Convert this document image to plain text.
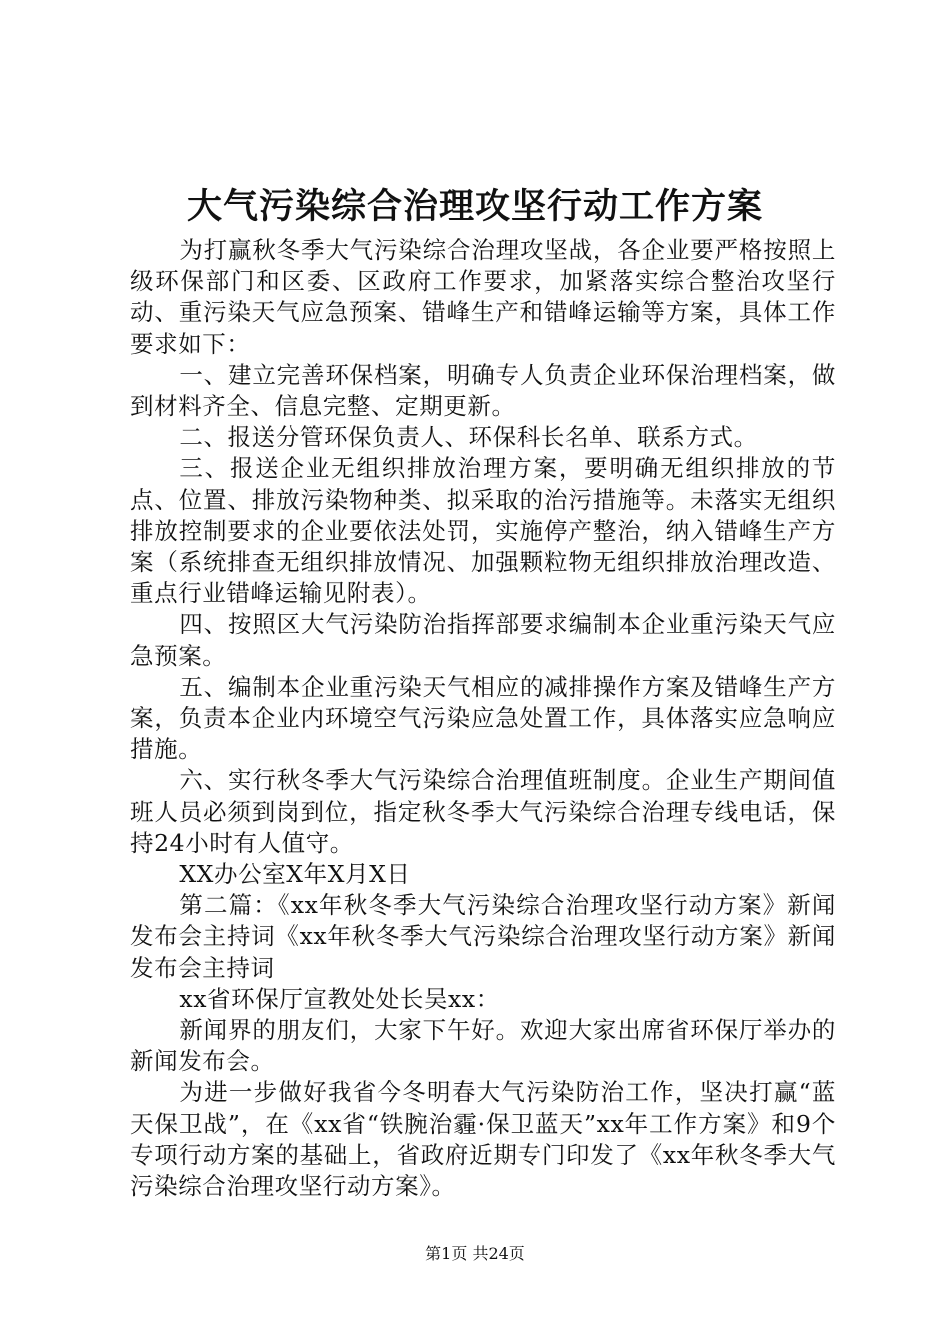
大气污染综合治理攻坚行动工作方案

为打赢秋冬季大气污染综合治理攻坚战，各企业要严格按照上级环保部门和区委、区政府工作要求，加紧落实综合整治攻坚行动、重污染天气应急预案、错峰生产和错峰运输等方案，具体工作要求如下：

一、建立完善环保档案，明确专人负责企业环保治理档案，做到材料齐全、信息完整、定期更新。

二、报送分管环保负责人、环保科长名单、联系方式。

三、报送企业无组织排放治理方案，要明确无组织排放的节点、位置、排放污染物种类、拟采取的治污措施等。未落实无组织排放控制要求的企业要依法处罚，实施停产整治，纳入错峰生产方案（系统排查无组织排放情况、加强颗粒物无组织排放治理改造、重点行业错峰运输见附表）。

四、按照区大气污染防治指挥部要求编制本企业重污染天气应急预案。

五、编制本企业重污染天气相应的减排操作方案及错峰生产方案，负责本企业内环境空气污染应急处置工作，具体落实应急响应措施。

六、实行秋冬季大气污染综合治理值班制度。企业生产期间值班人员必须到岗到位，指定秋冬季大气污染综合治理专线电话，保持24小时有人值守。

XX办公室X年X月X日

第二篇：《xx年秋冬季大气污染综合治理攻坚行动方案》新闻发布会主持词《xx年秋冬季大气污染综合治理攻坚行动方案》新闻发布会主持词

xx省环保厅宣教处处长吴xx：

新闻界的朋友们，大家下午好。欢迎大家出席省环保厅举办的新闻发布会。

为进一步做好我省今冬明春大气污染防治工作，坚决打赢“蓝天保卫战”，在《xx省“铁腕治霾·保卫蓝天”xx年工作方案》和9个专项行动方案的基础上，省政府近期专门印发了《xx年秋冬季大气污染综合治理攻坚行动方案》。

第1页 共24页
